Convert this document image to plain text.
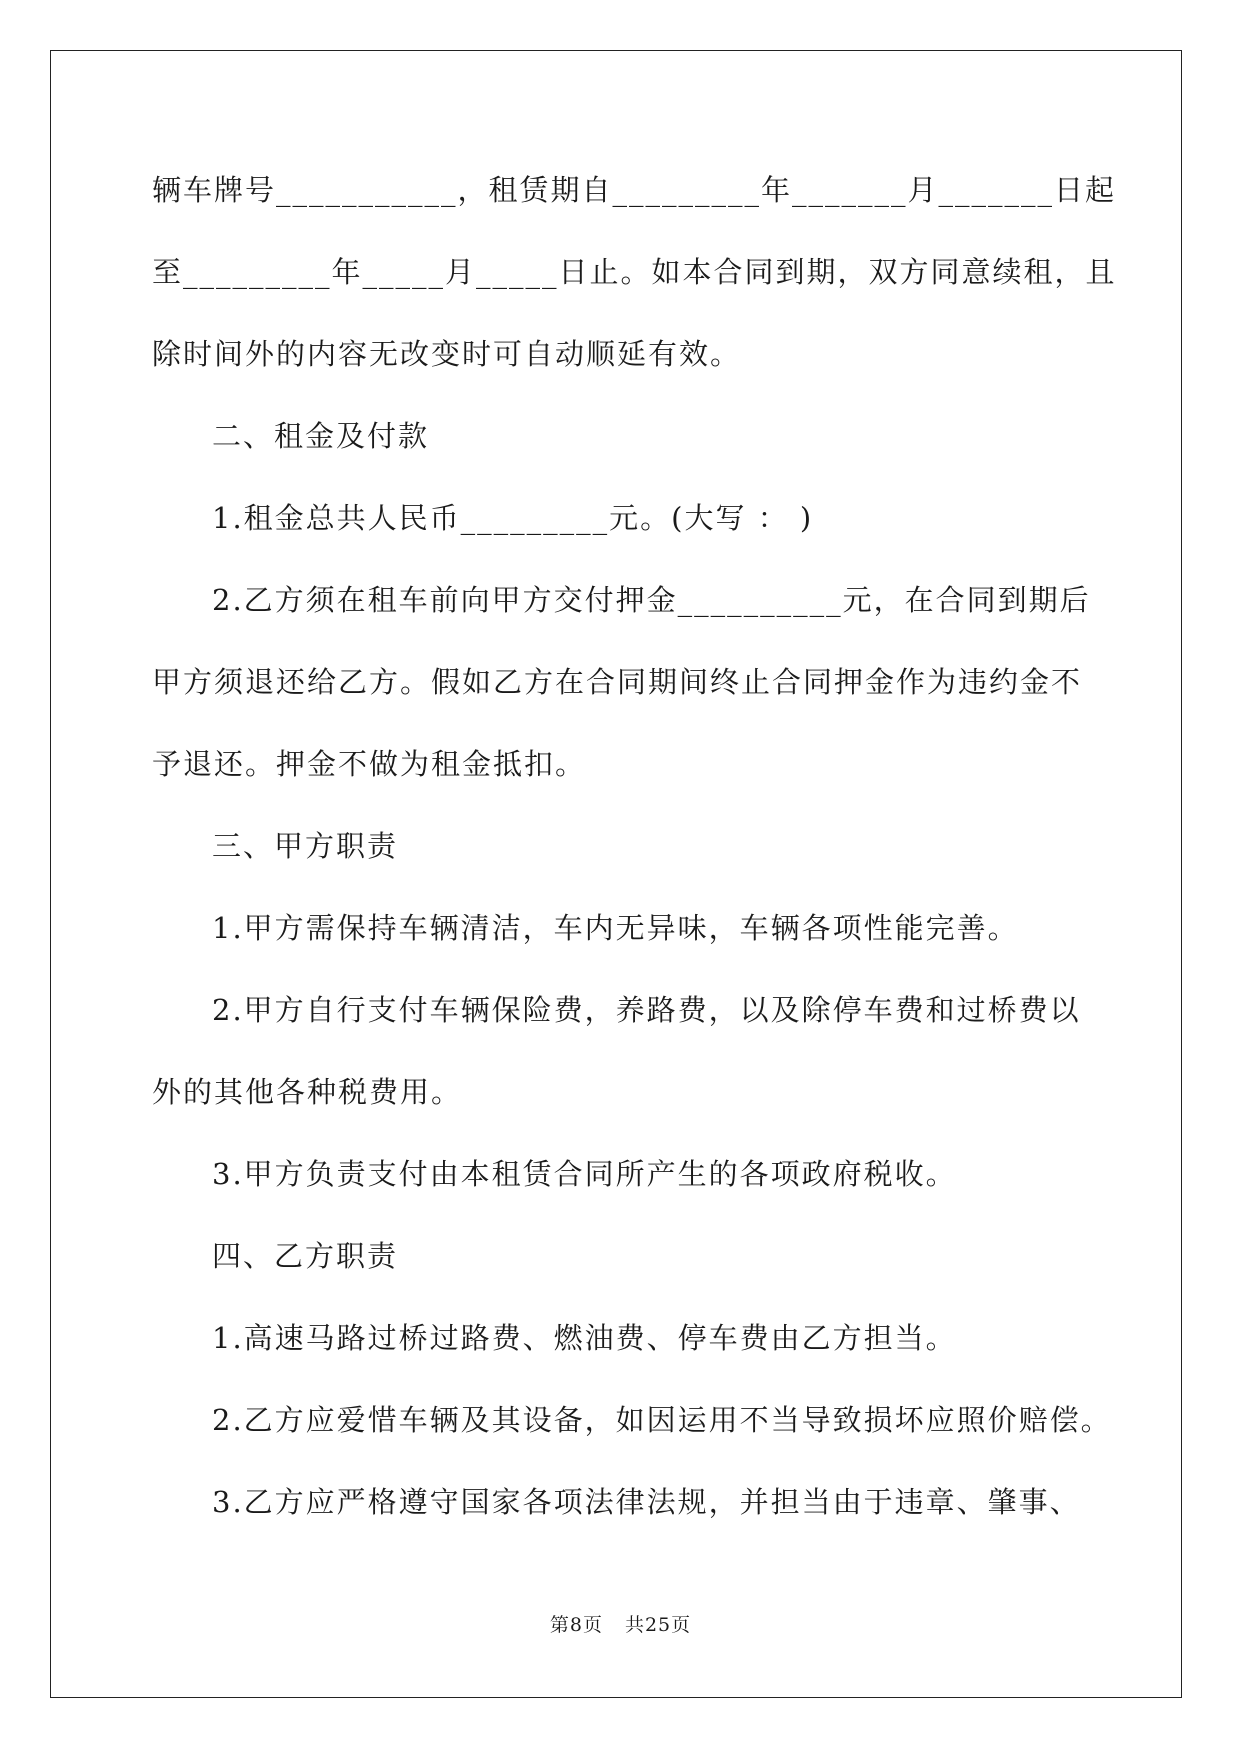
辆车牌号___________，租赁期自_________年_______月_______日起
至_________年_____月_____日止。如本合同到期，双方同意续租，且
除时间外的内容无改变时可自动顺延有效。
二、租金及付款
1.租金总共人民币_________元。(大写 ： )
2.乙方须在租车前向甲方交付押金__________元，在合同到期后
甲方须退还给乙方。假如乙方在合同期间终止合同押金作为违约金不
予退还。押金不做为租金抵扣。
三、甲方职责
1.甲方需保持车辆清洁，车内无异味，车辆各项性能完善。
2.甲方自行支付车辆保险费，养路费，以及除停车费和过桥费以
外的其他各种税费用。
3.甲方负责支付由本租赁合同所产生的各项政府税收。
四、乙方职责
1.高速马路过桥过路费、燃油费、停车费由乙方担当。
2.乙方应爱惜车辆及其设备，如因运用不当导致损坏应照价赔偿。
3.乙方应严格遵守国家各项法律法规，并担当由于违章、肇事、
第8页 共25页
